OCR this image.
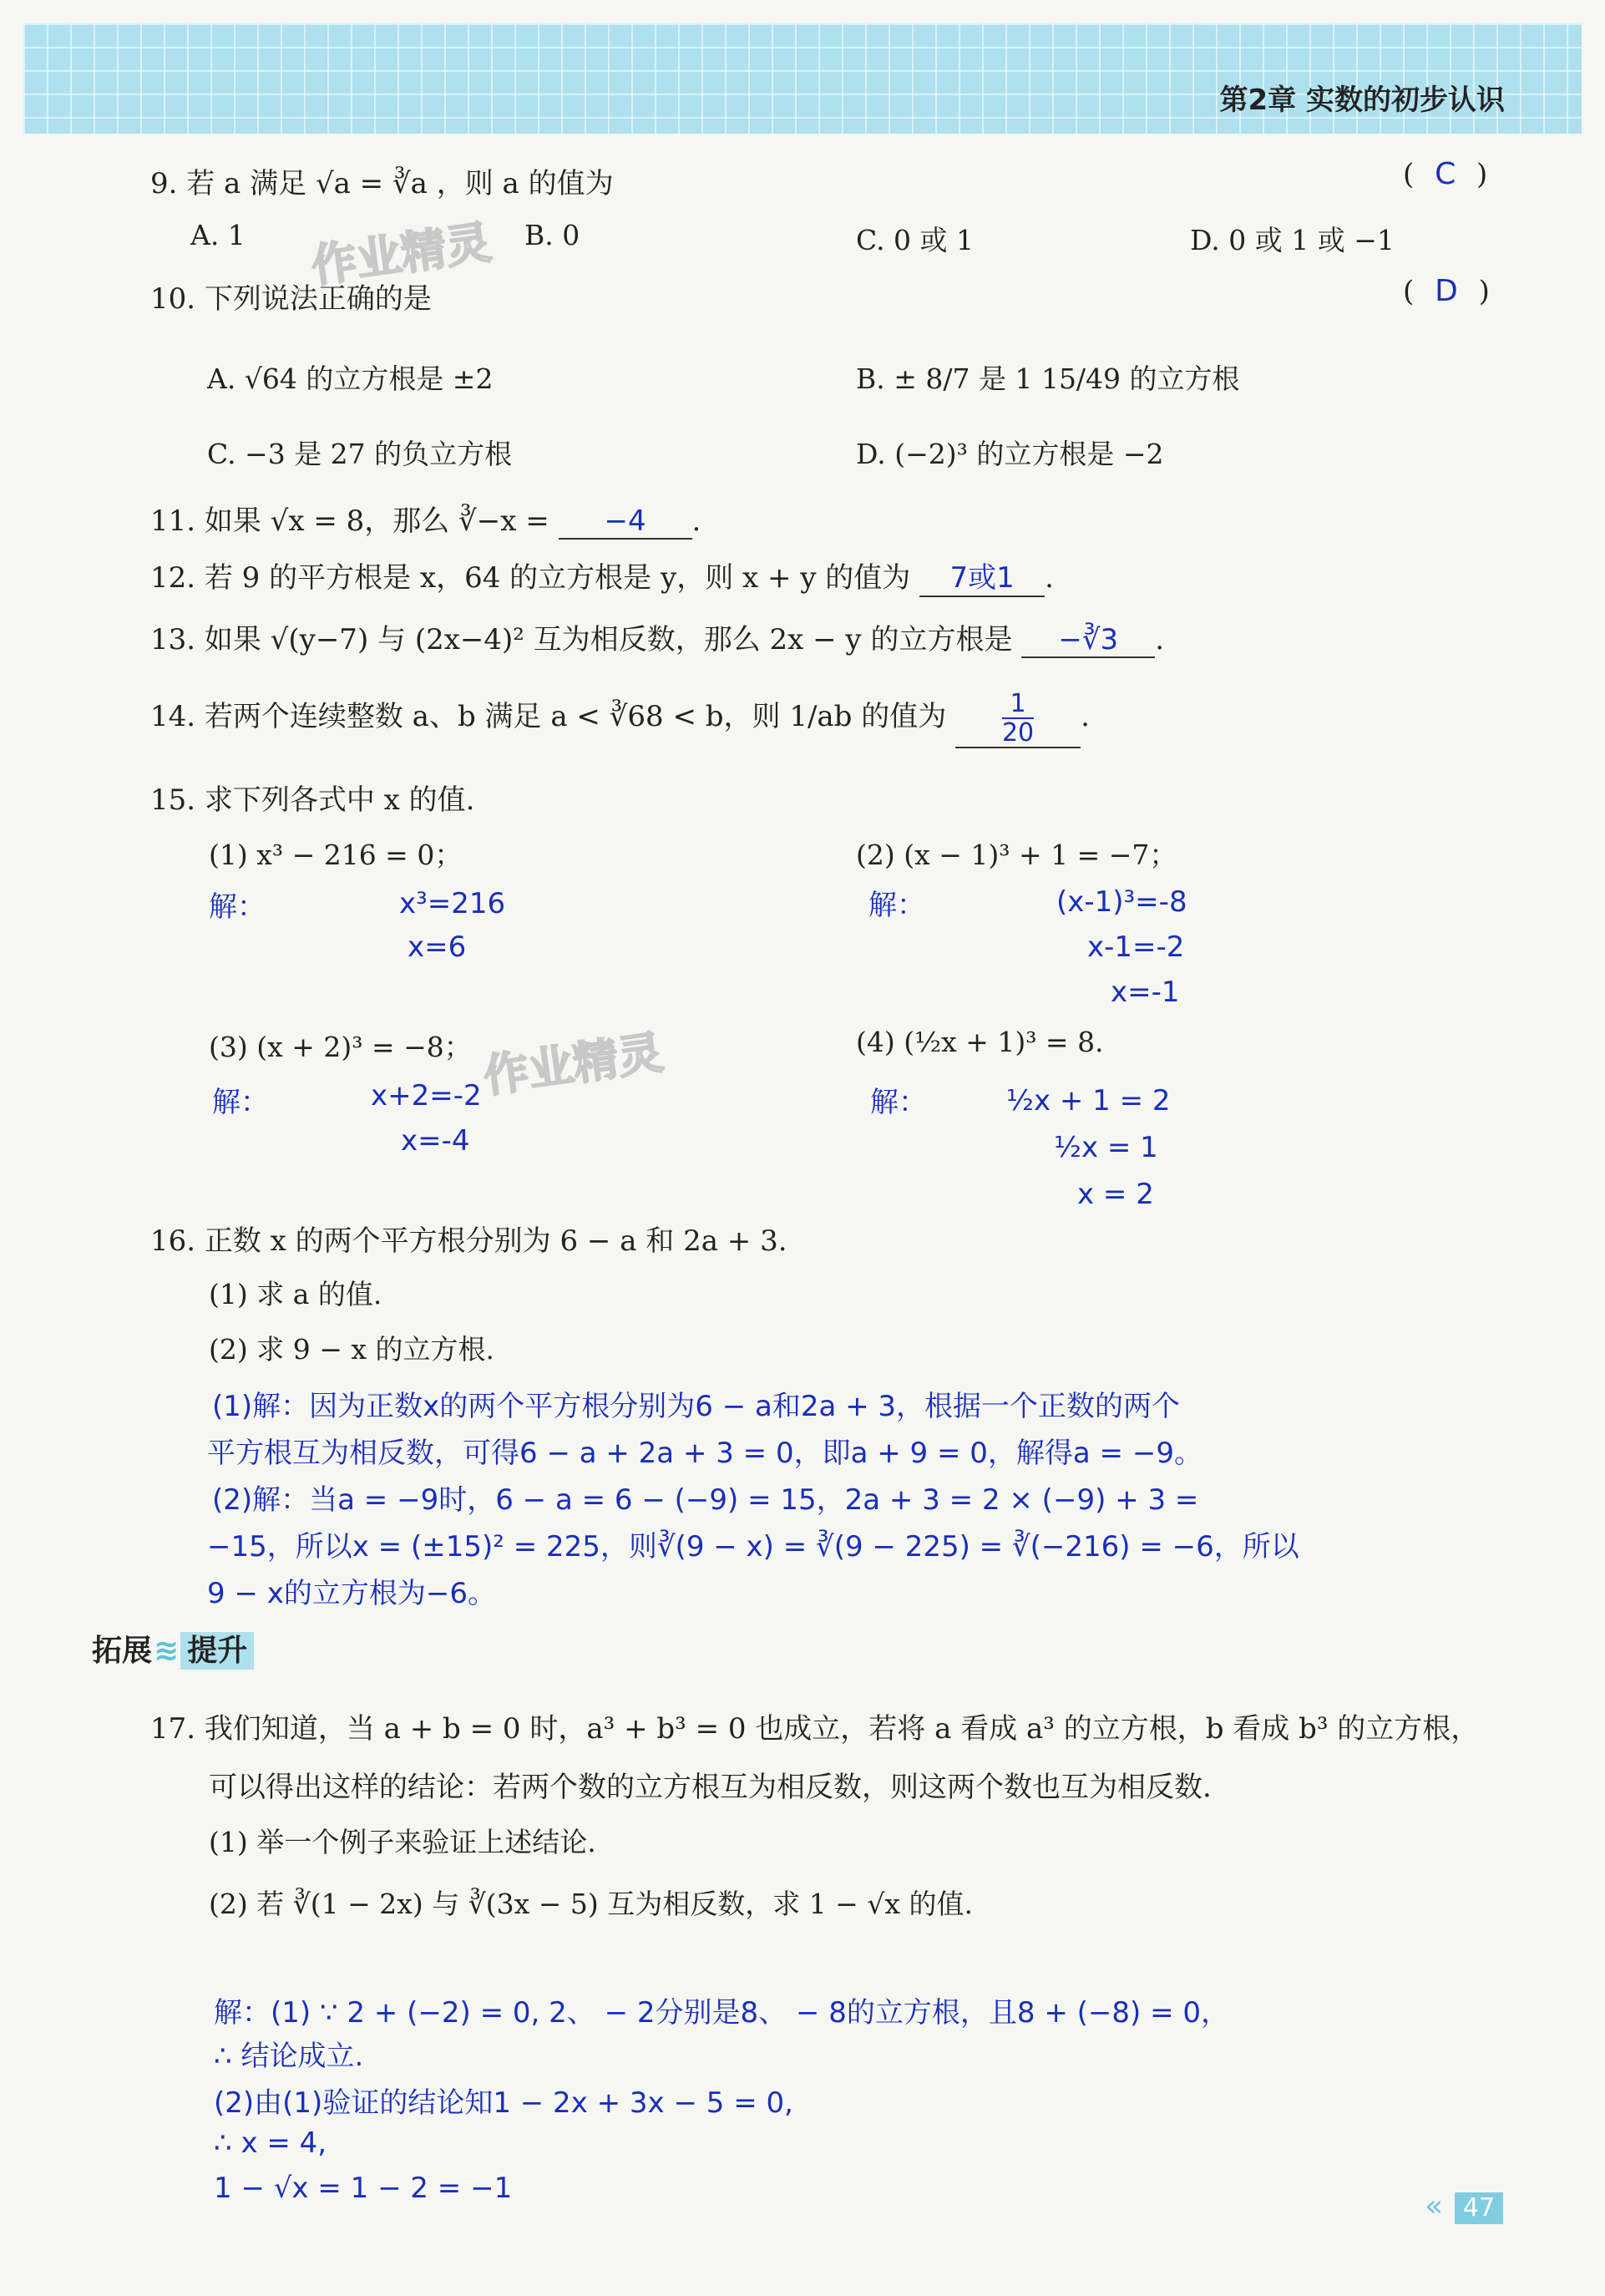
第2章 实数的初步认识
作业精灵
作业精灵
9. 若 a 满足 √a = ∛a ，则 a 的值为	( C )
A. 1	B. 0	C. 0 或 1	D. 0 或 1 或 −1
10. 下列说法正确的是	( D )
A. √64 的立方根是 ±2	B. ± 8/7 是 1 15/49 的立方根
C. −3 是 27 的负立方根	D. (−2)³ 的立方根是 −2
11. 如果 √x = 8，那么 ∛−x = −4 .
12. 若 9 的平方根是 x，64 的立方根是 y，则 x + y 的值为 7或1 .
13. 如果 √(y−7) 与 (2x−4)² 互为相反数，那么 2x − y 的立方根是 −∛3 .
14. 若两个连续整数 a、b 满足 a < ∛68 < b，则 1/ab 的值为 $\frac{1}{20}$ .
15. 求下列各式中 x 的值.
(1) x³ − 216 = 0；
解：	x³=216
x=6
(2) (x − 1)³ + 1 = −7；
解：	(x-1)³=-8
x-1=-2
x=-1
(3) (x + 2)³ = −8；
解：	x+2=-2
x=-4
(4) (½x + 1)³ = 8.
解：	½x + 1 = 2
½x = 1
x = 2
16. 正数 x 的两个平方根分别为 6 − a 和 2a + 3.
(1) 求 a 的值.
(2) 求 9 − x 的立方根.
(1)解：因为正数x的两个平方根分别为6 − a和2a + 3，根据一个正数的两个
平方根互为相反数，可得6 − a + 2a + 3 = 0，即a + 9 = 0，解得a = −9。
(2)解：当a = −9时，6 − a = 6 − (−9) = 15，2a + 3 = 2 × (−9) + 3 =
−15，所以x = (±15)² = 225，则∛(9 − x) = ∛(9 − 225) = ∛(−216) = −6，所以
9 − x的立方根为−6。
拓展≋ 提升
17. 我们知道，当 a + b = 0 时，a³ + b³ = 0 也成立，若将 a 看成 a³ 的立方根，b 看成 b³ 的立方根，
可以得出这样的结论：若两个数的立方根互为相反数，则这两个数也互为相反数.
(1) 举一个例子来验证上述结论.
(2) 若 ∛(1 − 2x) 与 ∛(3x − 5) 互为相反数，求 1 − √x 的值.
解：(1) ∵ 2 + (−2) = 0, 2、 − 2分别是8、 − 8的立方根，且8 + (−8) = 0，
∴ 结论成立.
(2)由(1)验证的结论知1 − 2x + 3x − 5 = 0,
∴ x = 4,
1 − √x = 1 − 2 = −1
«	47
